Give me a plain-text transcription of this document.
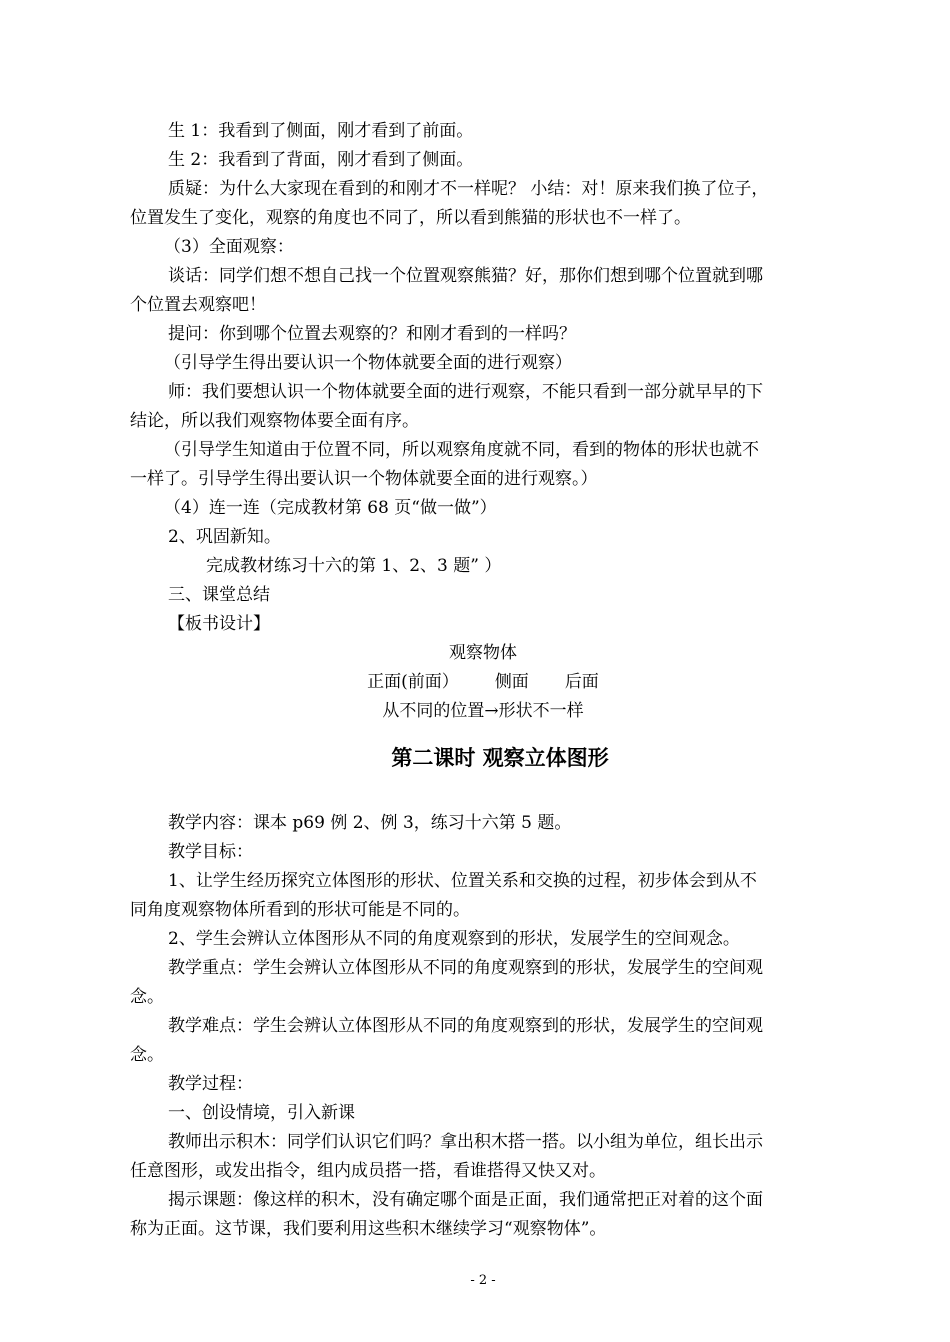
生 1：我看到了侧面，刚才看到了前面。
生 2：我看到了背面，刚才看到了侧面。
质疑：为什么大家现在看到的和刚才不一样呢？ 小结：对！原来我们换了位子，
位置发生了变化，观察的角度也不同了，所以看到熊猫的形状也不一样了。
（3）全面观察：
谈话：同学们想不想自己找一个位置观察熊猫？好，那你们想到哪个位置就到哪
个位置去观察吧！
提问：你到哪个位置去观察的？和刚才看到的一样吗？
（引导学生得出要认识一个物体就要全面的进行观察）
师：我们要想认识一个物体就要全面的进行观察，不能只看到一部分就早早的下
结论，所以我们观察物体要全面有序。
（引导学生知道由于位置不同，所以观察角度就不同，看到的物体的形状也就不
一样了。引导学生得出要认识一个物体就要全面的进行观察。）
（4）连一连（完成教材第 68 页“做一做”）
2、巩固新知。
完成教材练习十六的第 1、2、3 题” ）
三、课堂总结
【板书设计】
观察物体
正面(前面） 侧面 后面
从不同的位置→形状不一样
第二课时 观察立体图形
教学内容：课本 p69 例 2、例 3，练习十六第 5 题。
教学目标：
1、让学生经历探究立体图形的形状、位置关系和交换的过程，初步体会到从不
同角度观察物体所看到的形状可能是不同的。
2、学生会辨认立体图形从不同的角度观察到的形状，发展学生的空间观念。
教学重点：学生会辨认立体图形从不同的角度观察到的形状，发展学生的空间观
念。
教学难点：学生会辨认立体图形从不同的角度观察到的形状，发展学生的空间观
念。
教学过程：
一、创设情境，引入新课
教师出示积木：同学们认识它们吗？拿出积木搭一搭。以小组为单位，组长出示
任意图形，或发出指令，组内成员搭一搭，看谁搭得又快又对。
揭示课题：像这样的积木，没有确定哪个面是正面，我们通常把正对着的这个面
称为正面。这节课，我们要利用这些积木继续学习“观察物体”。
- 2 -
